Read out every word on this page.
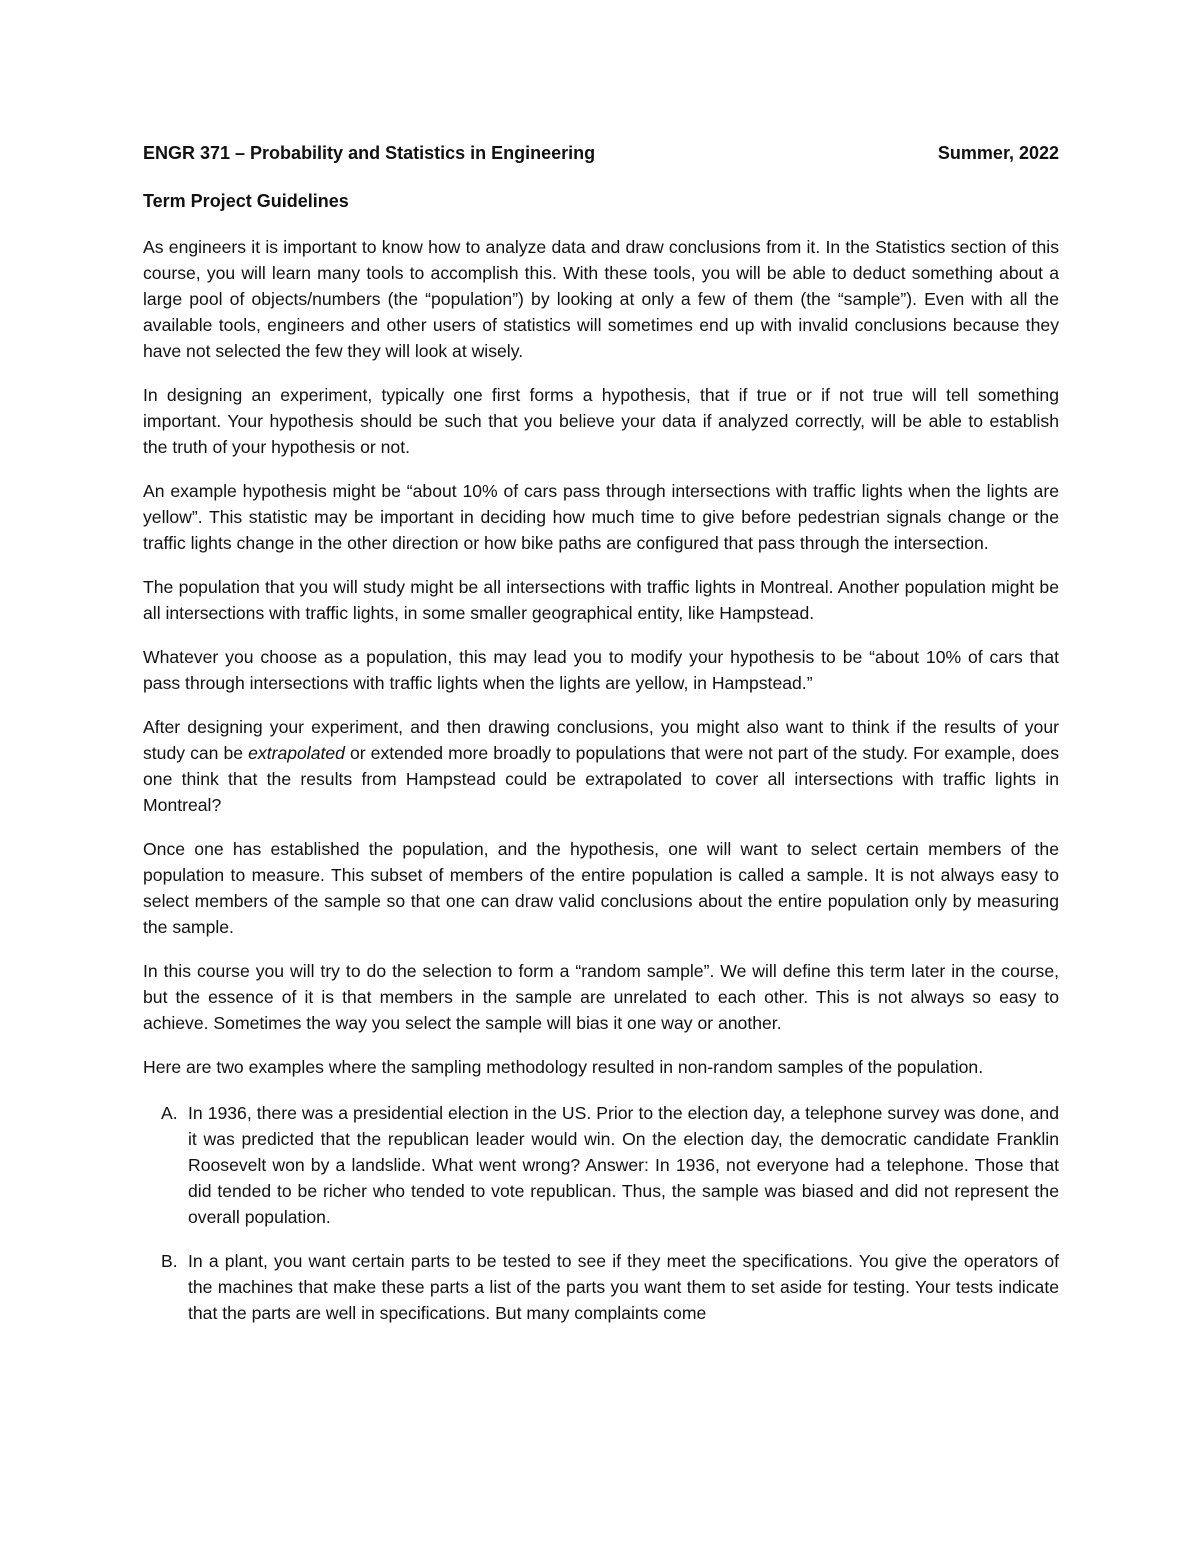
ENGR 371 – Probability and Statistics in Engineering	Summer, 2022
Term Project Guidelines

As engineers it is important to know how to analyze data and draw conclusions from it. In the Statistics section of this course, you will learn many tools to accomplish this. With these tools, you will be able to deduct something about a large pool of objects/numbers (the “population”) by looking at only a few of them (the “sample”). Even with all the available tools, engineers and other users of statistics will sometimes end up with invalid conclusions because they have not selected the few they will look at wisely.

In designing an experiment, typically one first forms a hypothesis, that if true or if not true will tell something important. Your hypothesis should be such that you believe your data if analyzed correctly, will be able to establish the truth of your hypothesis or not.

An example hypothesis might be “about 10% of cars pass through intersections with traffic lights when the lights are yellow”. This statistic may be important in deciding how much time to give before pedestrian signals change or the traffic lights change in the other direction or how bike paths are configured that pass through the intersection.

The population that you will study might be all intersections with traffic lights in Montreal. Another population might be all intersections with traffic lights, in some smaller geographical entity, like Hampstead.

Whatever you choose as a population, this may lead you to modify your hypothesis to be “about 10% of cars that pass through intersections with traffic lights when the lights are yellow, in Hampstead.”

After designing your experiment, and then drawing conclusions, you might also want to think if the results of your study can be extrapolated or extended more broadly to populations that were not part of the study. For example, does one think that the results from Hampstead could be extrapolated to cover all intersections with traffic lights in Montreal?

Once one has established the population, and the hypothesis, one will want to select certain members of the population to measure. This subset of members of the entire population is called a sample. It is not always easy to select members of the sample so that one can draw valid conclusions about the entire population only by measuring the sample.

In this course you will try to do the selection to form a “random sample”. We will define this term later in the course, but the essence of it is that members in the sample are unrelated to each other. This is not always so easy to achieve. Sometimes the way you select the sample will bias it one way or another.

Here are two examples where the sampling methodology resulted in non-random samples of the population.

A. In 1936, there was a presidential election in the US. Prior to the election day, a telephone survey was done, and it was predicted that the republican leader would win. On the election day, the democratic candidate Franklin Roosevelt won by a landslide. What went wrong? Answer: In 1936, not everyone had a telephone. Those that did tended to be richer who tended to vote republican. Thus, the sample was biased and did not represent the overall population.
B. In a plant, you want certain parts to be tested to see if they meet the specifications. You give the operators of the machines that make these parts a list of the parts you want them to set aside for testing. Your tests indicate that the parts are well in specifications. But many complaints come
